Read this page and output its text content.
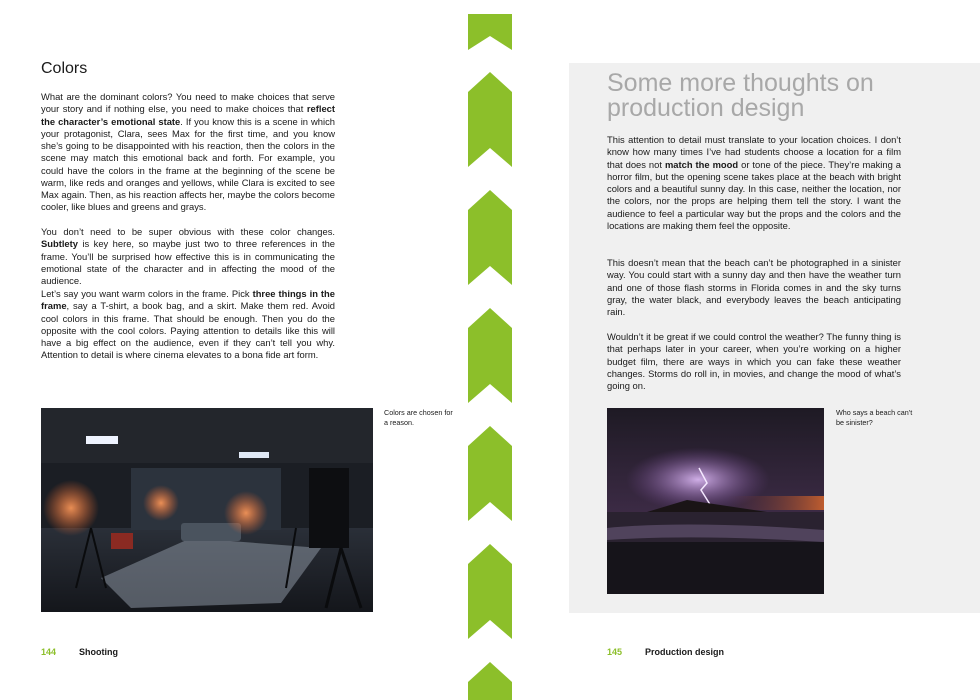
Colors

What are the dominant colors? You need to make choices that serve your story and if nothing else, you need to make choices that reflect the character’s emotional state. If you know this is a scene in which your protagonist, Clara, sees Max for the first time, and you know she’s going to be disappointed with his reaction, then the colors in the scene may match this emotional back and forth. For example, you could have the colors in the frame at the beginning of the scene be warm, like reds and oranges and yellows, while Clara is excited to see Max again. Then, as his reaction affects her, maybe the colors become cooler, like blues and greens and grays.

You don’t need to be super obvious with these color changes. Subtlety is key here, so maybe just two to three references in the frame. You’ll be surprised how effective this is in communicating the emotional state of the character and in affecting the mood of the audience.

Let’s say you want warm colors in the frame. Pick three things in the frame, say a T-shirt, a book bag, and a skirt. Make them red. Avoid cool colors in this frame. That should be enough. Then you do the opposite with the cool colors. Paying attention to details like this will have a big effect on the audience, even if they can’t tell you why. Attention to detail is where cinema elevates to a bona fide art form.

Colors are chosen for a reason.
144	Shooting
Some more thoughts on production design

This attention to detail must translate to your location choices. I don’t know how many times I’ve had students choose a location for a film that does not match the mood or tone of the piece. They’re making a horror film, but the opening scene takes place at the beach with bright colors and a beautiful sunny day. In this case, neither the location, nor the colors, nor the props are helping them tell the story. I want the audience to feel a particular way but the props and the colors and the locations are making them feel the opposite.

This doesn’t mean that the beach can’t be photographed in a sinister way. You could start with a sunny day and then have the weather turn and one of those flash storms in Florida comes in and the sky turns gray, the water black, and everybody leaves the beach anticipating rain.

Wouldn’t it be great if we could control the weather? The funny thing is that perhaps later in your career, when you’re working on a higher budget film, there are ways in which you can fake these weather changes. Storms do roll in, in movies, and change the mood of what’s going on.

Who says a beach can’t be sinister?
145	Production design
